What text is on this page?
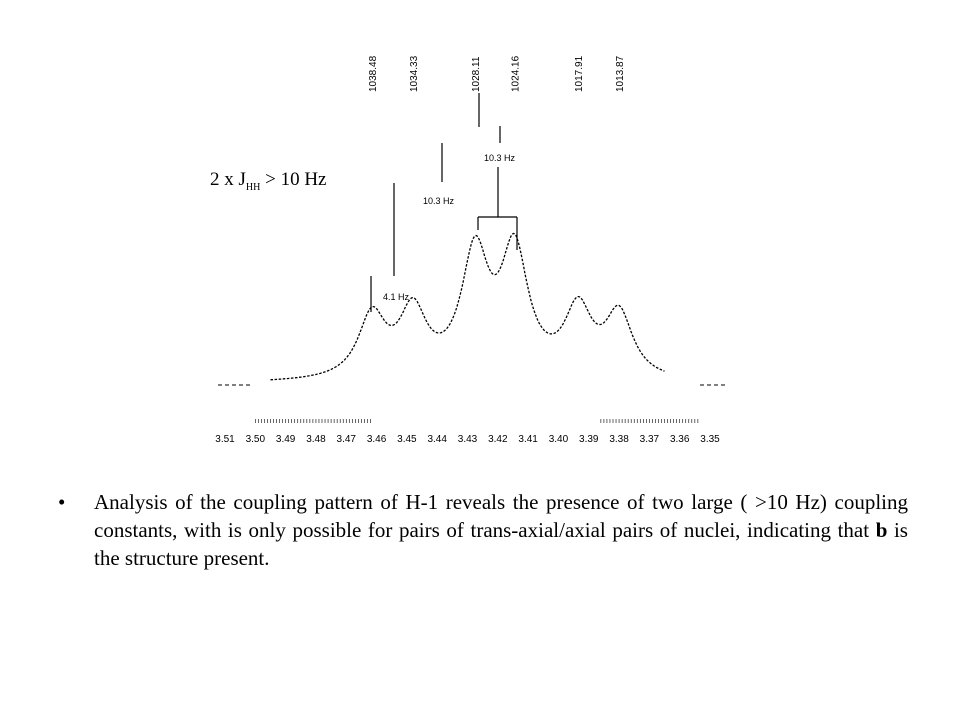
1038.48	1034.33	1028.11	1024.16	1017.91	1013.87
4.1 Hz
10.3 Hz
10.3 Hz
3.51 3.50 3.49 3.48 3.47 3.46 3.45 3.44 3.43 3.42 3.41 3.40 3.39 3.38 3.37 3.36 3.35
2 x $J_{HH} > 10$ Hz
• Analysis of the coupling pattern of H-1 reveals the presence of two large ( >10 Hz) coupling constants, with is only possible for pairs of trans-axial/axial pairs of nuclei, indicating that b is the structure present.
